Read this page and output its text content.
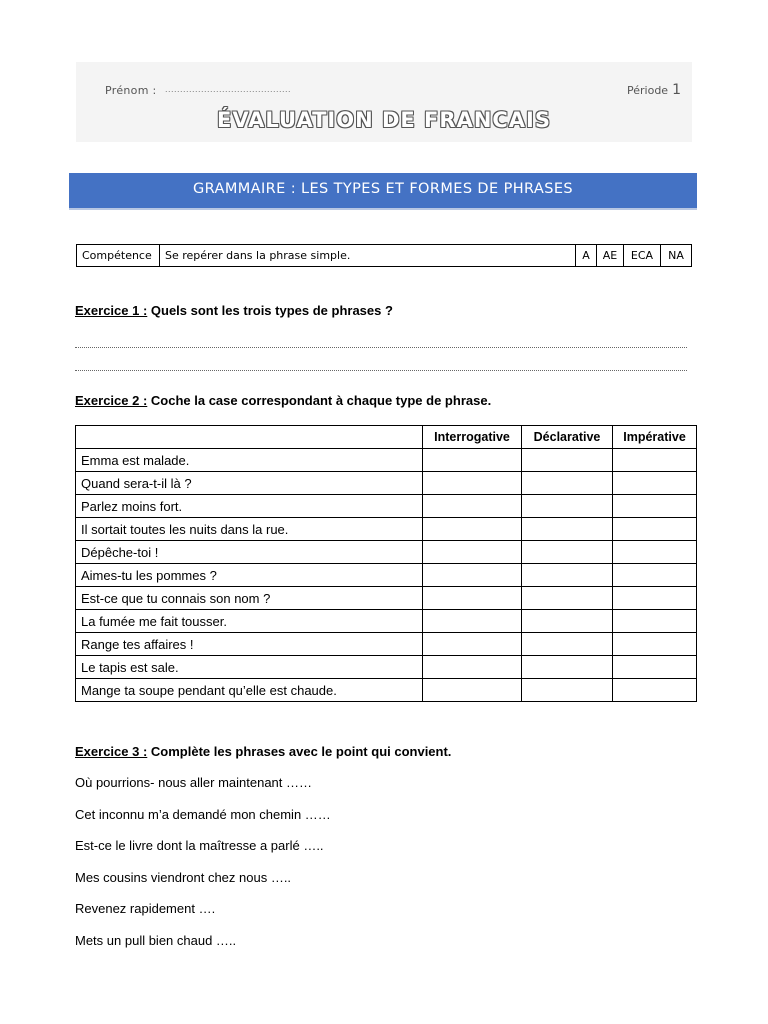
Prénom : ..........................................	Période 1
ÉVALUATION DE FRANCAIS
GRAMMAIRE : LES TYPES ET FORMES DE PHRASES
Compétence	Se repérer dans la phrase simple.	A	AE	ECA	NA
Exercice 1 : Quels sont les trois types de phrases ?
Exercice 2 : Coche la case correspondant à chaque type de phrase.
	Interrogative	Déclarative	Impérative
Emma est malade.			
Quand sera-t-il là ?			
Parlez moins fort.			
Il sortait toutes les nuits dans la rue.			
Dépêche-toi !			
Aimes-tu les pommes ?			
Est-ce que tu connais son nom ?			
La fumée me fait tousser.			
Range tes affaires !			
Le tapis est sale.			
Mange ta soupe pendant qu’elle est chaude.			
Exercice 3 : Complète les phrases avec le point qui convient.
Où pourrions- nous aller maintenant ……
Cet inconnu m’a demandé mon chemin ……
Est-ce le livre dont la maîtresse a parlé …..
Mes cousins viendront chez nous …..
Revenez rapidement ….
Mets un pull bien chaud …..
